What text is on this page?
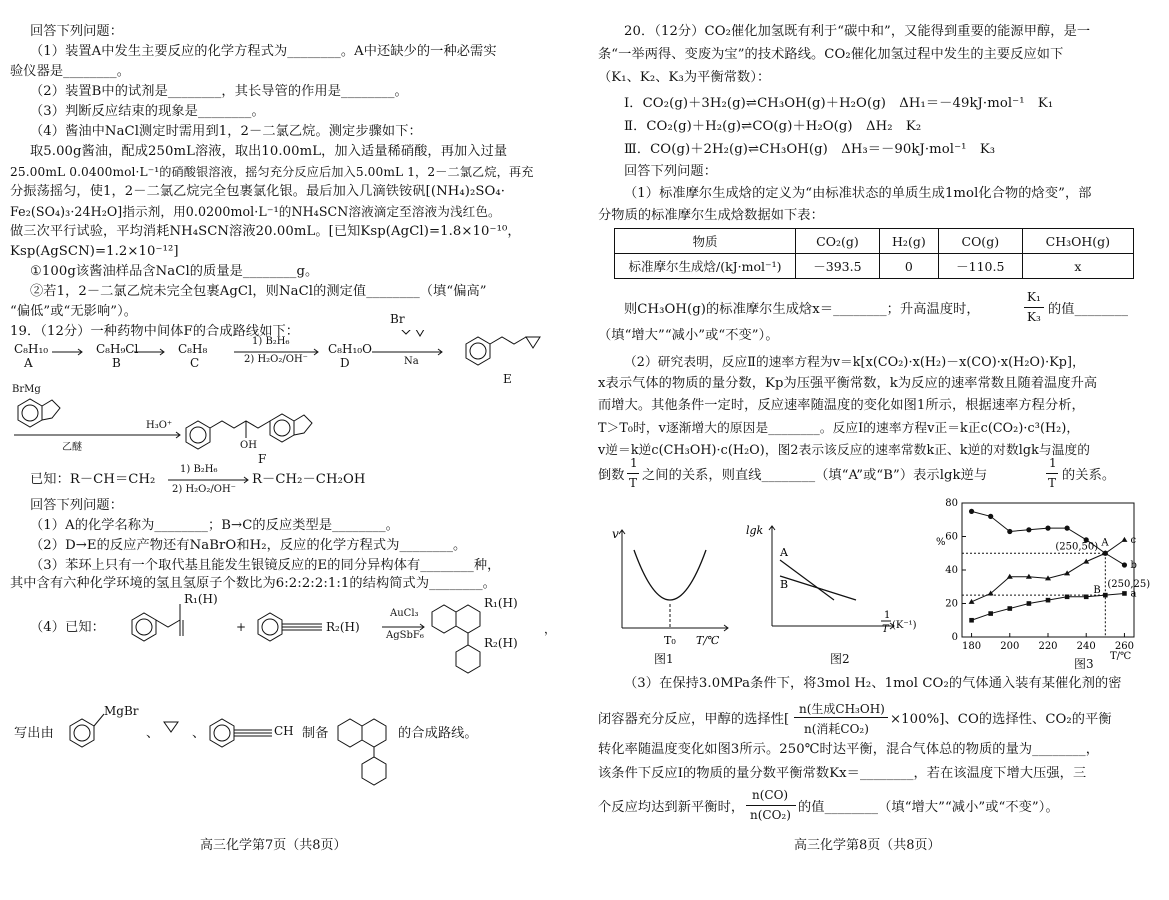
回答下列问题：
（1）装置A中发生主要反应的化学方程式为________。A中还缺少的一种必需实
验仪器是________。
（2）装置B中的试剂是________，其长导管的作用是________。
（3）判断反应结束的现象是________。
（4）酱油中NaCl测定时需用到1，2－二氯乙烷。测定步骤如下：
取5.00g酱油，配成250mL溶液，取出10.00mL，加入适量稀硝酸，再加入过量
25.00mL 0.0400mol·L⁻¹的硝酸银溶液，摇匀充分反应后加入5.00mL 1，2－二氯乙烷，再充
分振荡摇匀，使1，2－二氯乙烷完全包裹氯化银。最后加入几滴铁铵矾[(NH₄)₂SO₄·
Fe₂(SO₄)₃·24H₂O]指示剂，用0.0200mol·L⁻¹的NH₄SCN溶液滴定至溶液为浅红色。
做三次平行试验，平均消耗NH₄SCN溶液20.00mL。[已知Ksp(AgCl)=1.8×10⁻¹⁰，
Ksp(AgSCN)=1.2×10⁻¹²]
①100g该酱油样品含NaCl的质量是________g。
②若1，2－二氯乙烷未完全包裹AgCl，则NaCl的测定值________（填“偏高”
“偏低”或“无影响”）。
19．（12分）一种药物中间体F的合成路线如下：
C₈H₁₀
A
C₈H₉Cl
B
C₈H₈
C
1) B₂H₆
2) H₂O₂/OH⁻
C₈H₁₀O
D
Br
Na
E
BrMg
H₃O⁺
乙醚	OH
F
已知：R－CH＝CH₂
1) B₂H₆
2) H₂O₂/OH⁻
R－CH₂－CH₂OH
回答下列问题：
（1）A的化学名称为________；B→C的反应类型是________。
（2）D→E的反应产物还有NaBrO和H₂，反应的化学方程式为________。
（3）苯环上只有一个取代基且能发生银镜反应的E的同分异构体有________种，
其中含有六种化学环境的氢且氢原子个数比为6:2:2:2:1:1的结构简式为________。
（4）已知：
R₁(H)
+	R₂(H)
AuCl₃
AgSbF₆
R₁(H)
R₂(H)
，
写出由
MgBr
、 、	CH 制备	的合成路线。
高三化学第7页（共8页）
20．（12分）CO₂催化加氢既有利于“碳中和”，又能得到重要的能源甲醇，是一
条“一举两得、变废为宝”的技术路线。CO₂催化加氢过程中发生的主要反应如下
（K₁、K₂、K₃为平衡常数）：
Ⅰ．CO₂(g)＋3H₂(g)⇌CH₃OH(g)＋H₂O(g)　ΔH₁＝－49kJ·mol⁻¹　K₁
Ⅱ．CO₂(g)＋H₂(g)⇌CO(g)＋H₂O(g)　ΔH₂　K₂
Ⅲ．CO(g)＋2H₂(g)⇌CH₃OH(g)　ΔH₃＝－90kJ·mol⁻¹　K₃
回答下列问题：
（1）标准摩尔生成焓的定义为“由标准状态的单质生成1mol化合物的焓变”，部
分物质的标准摩尔生成焓数据如下表：
物质	CO₂(g)	H₂(g)	CO(g)	CH₃OH(g)
标准摩尔生成焓/(kJ·mol⁻¹)	－393.5	0	－110.5	x
则CH₃OH(g)的标准摩尔生成焓x＝________；升高温度时，
K₁
K₃ 的值________
（填“增大”“减小”或“不变”）。
（2）研究表明，反应Ⅱ的速率方程为v＝k[x(CO₂)·x(H₂)－x(CO)·x(H₂O)·Kp]，
x表示气体的物质的量分数，Kp为压强平衡常数，k为反应的速率常数且随着温度升高
而增大。其他条件一定时，反应速率随温度的变化如图1所示，根据速率方程分析，
T＞T₀时，v逐渐增大的原因是________。反应Ⅰ的速率方程v正＝k正c(CO₂)·c³(H₂)，
v逆＝k逆c(CH₃OH)·c(H₂O)，图2表示该反应的速率常数k正、k逆的对数lgk与温度的
倒数
1
T 之间的关系，则直线________（填“A”或“B”）表示lgk逆与
1
T 的关系。
v
T₀ T/℃
图1
lgk
A
B
1
T (K⁻¹)
图2
0
20
40
60
80
180 200 220 240 260
c
b
a
(250,50) A
(250,25)
B
%
T/℃
图3
（3）在保持3.0MPa条件下，将3mol H₂、1mol CO₂的气体通入装有某催化剂的密
闭容器充分反应，甲醇的选择性[
n(生成CH₃OH)
n(消耗CO₂)
×100%]、CO的选择性、CO₂的平衡
转化率随温度变化如图3所示。250℃时达平衡，混合气体总的物质的量为________，
该条件下反应Ⅰ的物质的量分数平衡常数Kx＝________，若在该温度下增大压强，三
个反应均达到新平衡时，
n(CO)
n(CO₂) 的值________（填“增大”“减小”或“不变”）。
高三化学第8页（共8页）
